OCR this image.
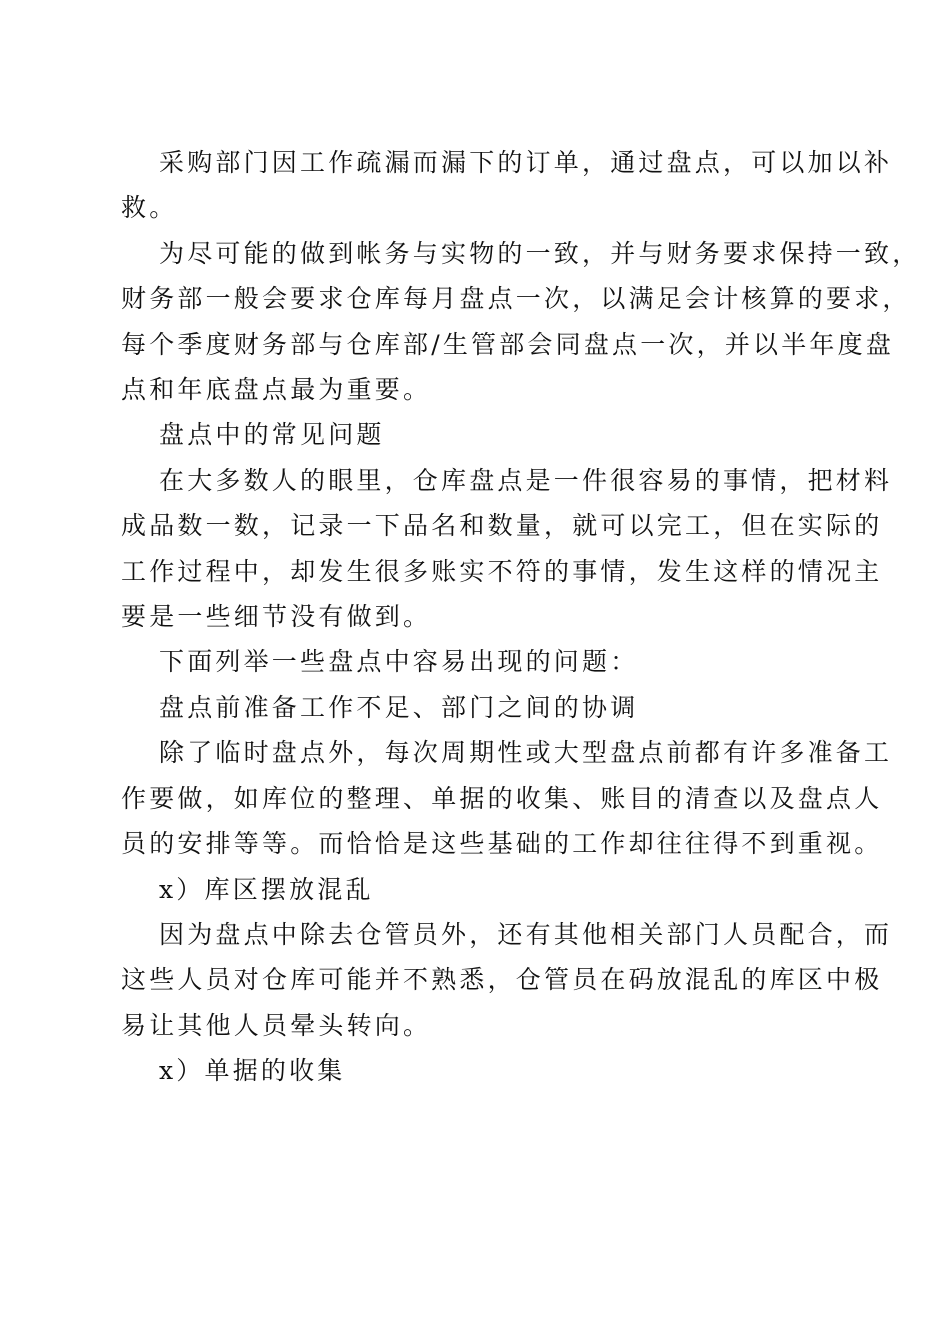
采购部门因工作疏漏而漏下的订单，通过盘点，可以加以补
救。
为尽可能的做到帐务与实物的一致，并与财务要求保持一致，
财务部一般会要求仓库每月盘点一次，以满足会计核算的要求，
每个季度财务部与仓库部/生管部会同盘点一次，并以半年度盘
点和年底盘点最为重要。
盘点中的常见问题
在大多数人的眼里，仓库盘点是一件很容易的事情，把材料
成品数一数，记录一下品名和数量，就可以完工，但在实际的
工作过程中，却发生很多账实不符的事情，发生这样的情况主
要是一些细节没有做到。
下面列举一些盘点中容易出现的问题：
盘点前准备工作不足、部门之间的协调
除了临时盘点外，每次周期性或大型盘点前都有许多准备工
作要做，如库位的整理、单据的收集、账目的清查以及盘点人
员的安排等等。而恰恰是这些基础的工作却往往得不到重视。
x）库区摆放混乱
因为盘点中除去仓管员外，还有其他相关部门人员配合，而
这些人员对仓库可能并不熟悉，仓管员在码放混乱的库区中极
易让其他人员晕头转向。
x）单据的收集
